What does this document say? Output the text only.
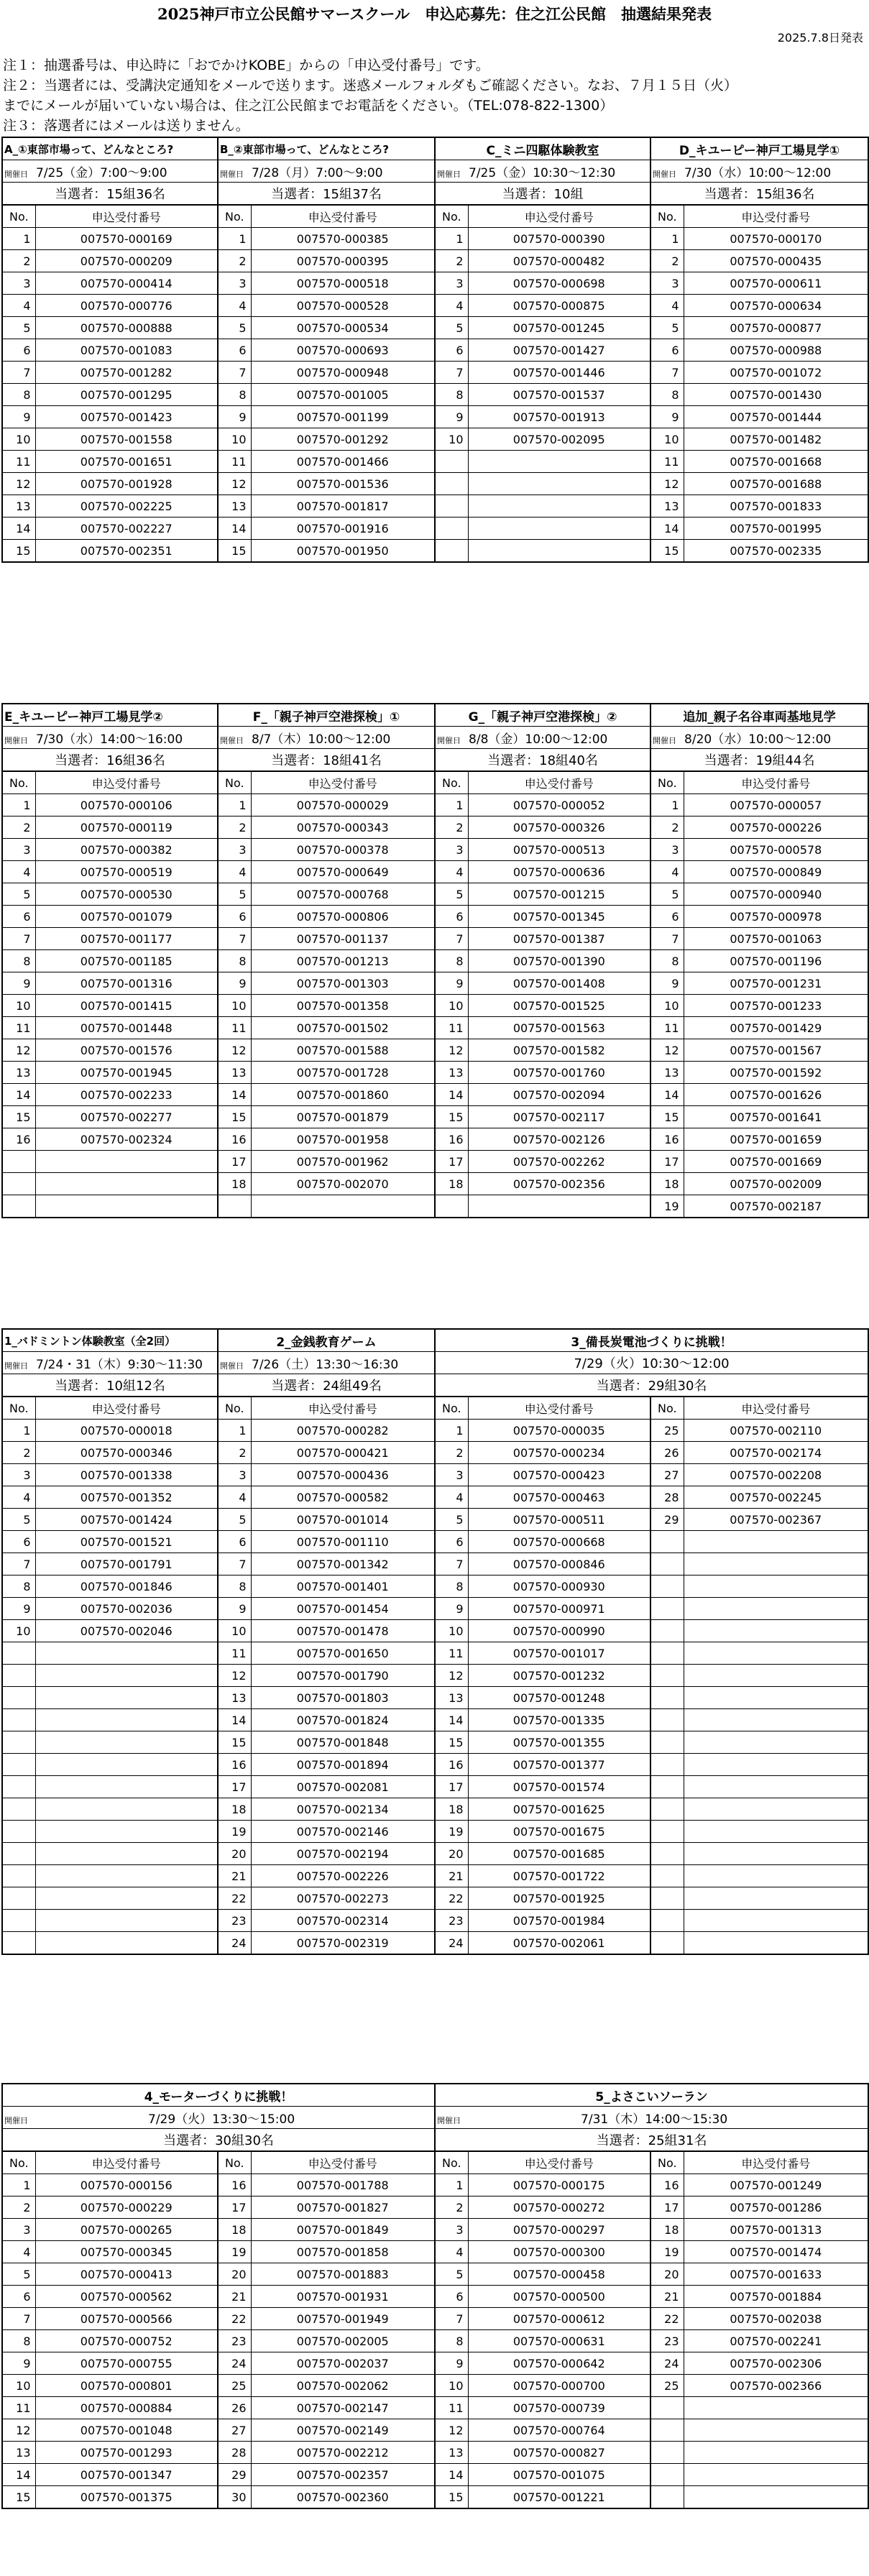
2025神戸市立公民館サマースクール　申込応募先：住之江公民館　抽選結果発表
2025.7.8日発表
注１：抽選番号は、申込時に「おでかけKOBE」からの「申込受付番号」です。
注２：当選者には、受講決定通知をメールで送ります。迷惑メールフォルダもご確認ください。なお、７月１５日（火）
までにメールが届いていない場合は、住之江公民館までお電話をください。（TEL:078-822-1300）
注３：落選者にはメールは送りません。
A_①東部市場って、どんなところ?		B_②東部市場って、どんなところ?		C_ミニ四駆体験教室		D_キユーピー神戸工場見学①	
開催日 7/25（金）7:00～9:00		開催日 7/28（月）7:00～9:00		開催日 7/25（金）10:30～12:30		開催日 7/30（水）10:00～12:00	
当選者：15組36名		当選者：15組37名		当選者：10組		当選者：15組36名	
No.	申込受付番号	No.	申込受付番号	No.	申込受付番号	No.	申込受付番号
1	007570-000169	1	007570-000385	1	007570-000390	1	007570-000170
2	007570-000209	2	007570-000395	2	007570-000482	2	007570-000435
3	007570-000414	3	007570-000518	3	007570-000698	3	007570-000611
4	007570-000776	4	007570-000528	4	007570-000875	4	007570-000634
5	007570-000888	5	007570-000534	5	007570-001245	5	007570-000877
6	007570-001083	6	007570-000693	6	007570-001427	6	007570-000988
7	007570-001282	7	007570-000948	7	007570-001446	7	007570-001072
8	007570-001295	8	007570-001005	8	007570-001537	8	007570-001430
9	007570-001423	9	007570-001199	9	007570-001913	9	007570-001444
10	007570-001558	10	007570-001292	10	007570-002095	10	007570-001482
11	007570-001651	11	007570-001466			11	007570-001668
12	007570-001928	12	007570-001536			12	007570-001688
13	007570-002225	13	007570-001817			13	007570-001833
14	007570-002227	14	007570-001916			14	007570-001995
15	007570-002351	15	007570-001950			15	007570-002335
E_キユーピー神戸工場見学②		F_「親子神戸空港探検」①		G_「親子神戸空港探検」②		追加_親子名谷車両基地見学	
開催日 7/30（水）14:00～16:00		開催日 8/7（木）10:00～12:00		開催日 8/8（金）10:00～12:00		開催日 8/20（水）10:00～12:00	
当選者：16組36名		当選者：18組41名		当選者：18組40名		当選者：19組44名	
No.	申込受付番号	No.	申込受付番号	No.	申込受付番号	No.	申込受付番号
1	007570-000106	1	007570-000029	1	007570-000052	1	007570-000057
2	007570-000119	2	007570-000343	2	007570-000326	2	007570-000226
3	007570-000382	3	007570-000378	3	007570-000513	3	007570-000578
4	007570-000519	4	007570-000649	4	007570-000636	4	007570-000849
5	007570-000530	5	007570-000768	5	007570-001215	5	007570-000940
6	007570-001079	6	007570-000806	6	007570-001345	6	007570-000978
7	007570-001177	7	007570-001137	7	007570-001387	7	007570-001063
8	007570-001185	8	007570-001213	8	007570-001390	8	007570-001196
9	007570-001316	9	007570-001303	9	007570-001408	9	007570-001231
10	007570-001415	10	007570-001358	10	007570-001525	10	007570-001233
11	007570-001448	11	007570-001502	11	007570-001563	11	007570-001429
12	007570-001576	12	007570-001588	12	007570-001582	12	007570-001567
13	007570-001945	13	007570-001728	13	007570-001760	13	007570-001592
14	007570-002233	14	007570-001860	14	007570-002094	14	007570-001626
15	007570-002277	15	007570-001879	15	007570-002117	15	007570-001641
16	007570-002324	16	007570-001958	16	007570-002126	16	007570-001659
		17	007570-001962	17	007570-002262	17	007570-001669
		18	007570-002070	18	007570-002356	18	007570-002009
						19	007570-002187
1_バドミントン体験教室（全2回）		2_金銭教育ゲーム		3_備長炭電池づくりに挑戦！			
開催日 7/24・31（木）9:30～11:30		開催日 7/26（土）13:30～16:30		7/29（火）10:30～12:00			
当選者：10組12名		当選者：24組49名		当選者：29組30名			
No.	申込受付番号	No.	申込受付番号	No.	申込受付番号	No.	申込受付番号
1	007570-000018	1	007570-000282	1	007570-000035	25	007570-002110
2	007570-000346	2	007570-000421	2	007570-000234	26	007570-002174
3	007570-001338	3	007570-000436	3	007570-000423	27	007570-002208
4	007570-001352	4	007570-000582	4	007570-000463	28	007570-002245
5	007570-001424	5	007570-001014	5	007570-000511	29	007570-002367
6	007570-001521	6	007570-001110	6	007570-000668		
7	007570-001791	7	007570-001342	7	007570-000846		
8	007570-001846	8	007570-001401	8	007570-000930		
9	007570-002036	9	007570-001454	9	007570-000971		
10	007570-002046	10	007570-001478	10	007570-000990		
		11	007570-001650	11	007570-001017		
		12	007570-001790	12	007570-001232		
		13	007570-001803	13	007570-001248		
		14	007570-001824	14	007570-001335		
		15	007570-001848	15	007570-001355		
		16	007570-001894	16	007570-001377		
		17	007570-002081	17	007570-001574		
		18	007570-002134	18	007570-001625		
		19	007570-002146	19	007570-001675		
		20	007570-002194	20	007570-001685		
		21	007570-002226	21	007570-001722		
		22	007570-002273	22	007570-001925		
		23	007570-002314	23	007570-001984		
		24	007570-002319	24	007570-002061		
4_モーターづくりに挑戦！				5_よさこいソーラン			
開催日 7/29（火）13:30～15:00				開催日 7/31（木）14:00～15:30			
当選者：30組30名				当選者：25組31名			
No.	申込受付番号	No.	申込受付番号	No.	申込受付番号	No.	申込受付番号
1	007570-000156	16	007570-001788	1	007570-000175	16	007570-001249
2	007570-000229	17	007570-001827	2	007570-000272	17	007570-001286
3	007570-000265	18	007570-001849	3	007570-000297	18	007570-001313
4	007570-000345	19	007570-001858	4	007570-000300	19	007570-001474
5	007570-000413	20	007570-001883	5	007570-000458	20	007570-001633
6	007570-000562	21	007570-001931	6	007570-000500	21	007570-001884
7	007570-000566	22	007570-001949	7	007570-000612	22	007570-002038
8	007570-000752	23	007570-002005	8	007570-000631	23	007570-002241
9	007570-000755	24	007570-002037	9	007570-000642	24	007570-002306
10	007570-000801	25	007570-002062	10	007570-000700	25	007570-002366
11	007570-000884	26	007570-002147	11	007570-000739		
12	007570-001048	27	007570-002149	12	007570-000764		
13	007570-001293	28	007570-002212	13	007570-000827		
14	007570-001347	29	007570-002357	14	007570-001075		
15	007570-001375	30	007570-002360	15	007570-001221		
